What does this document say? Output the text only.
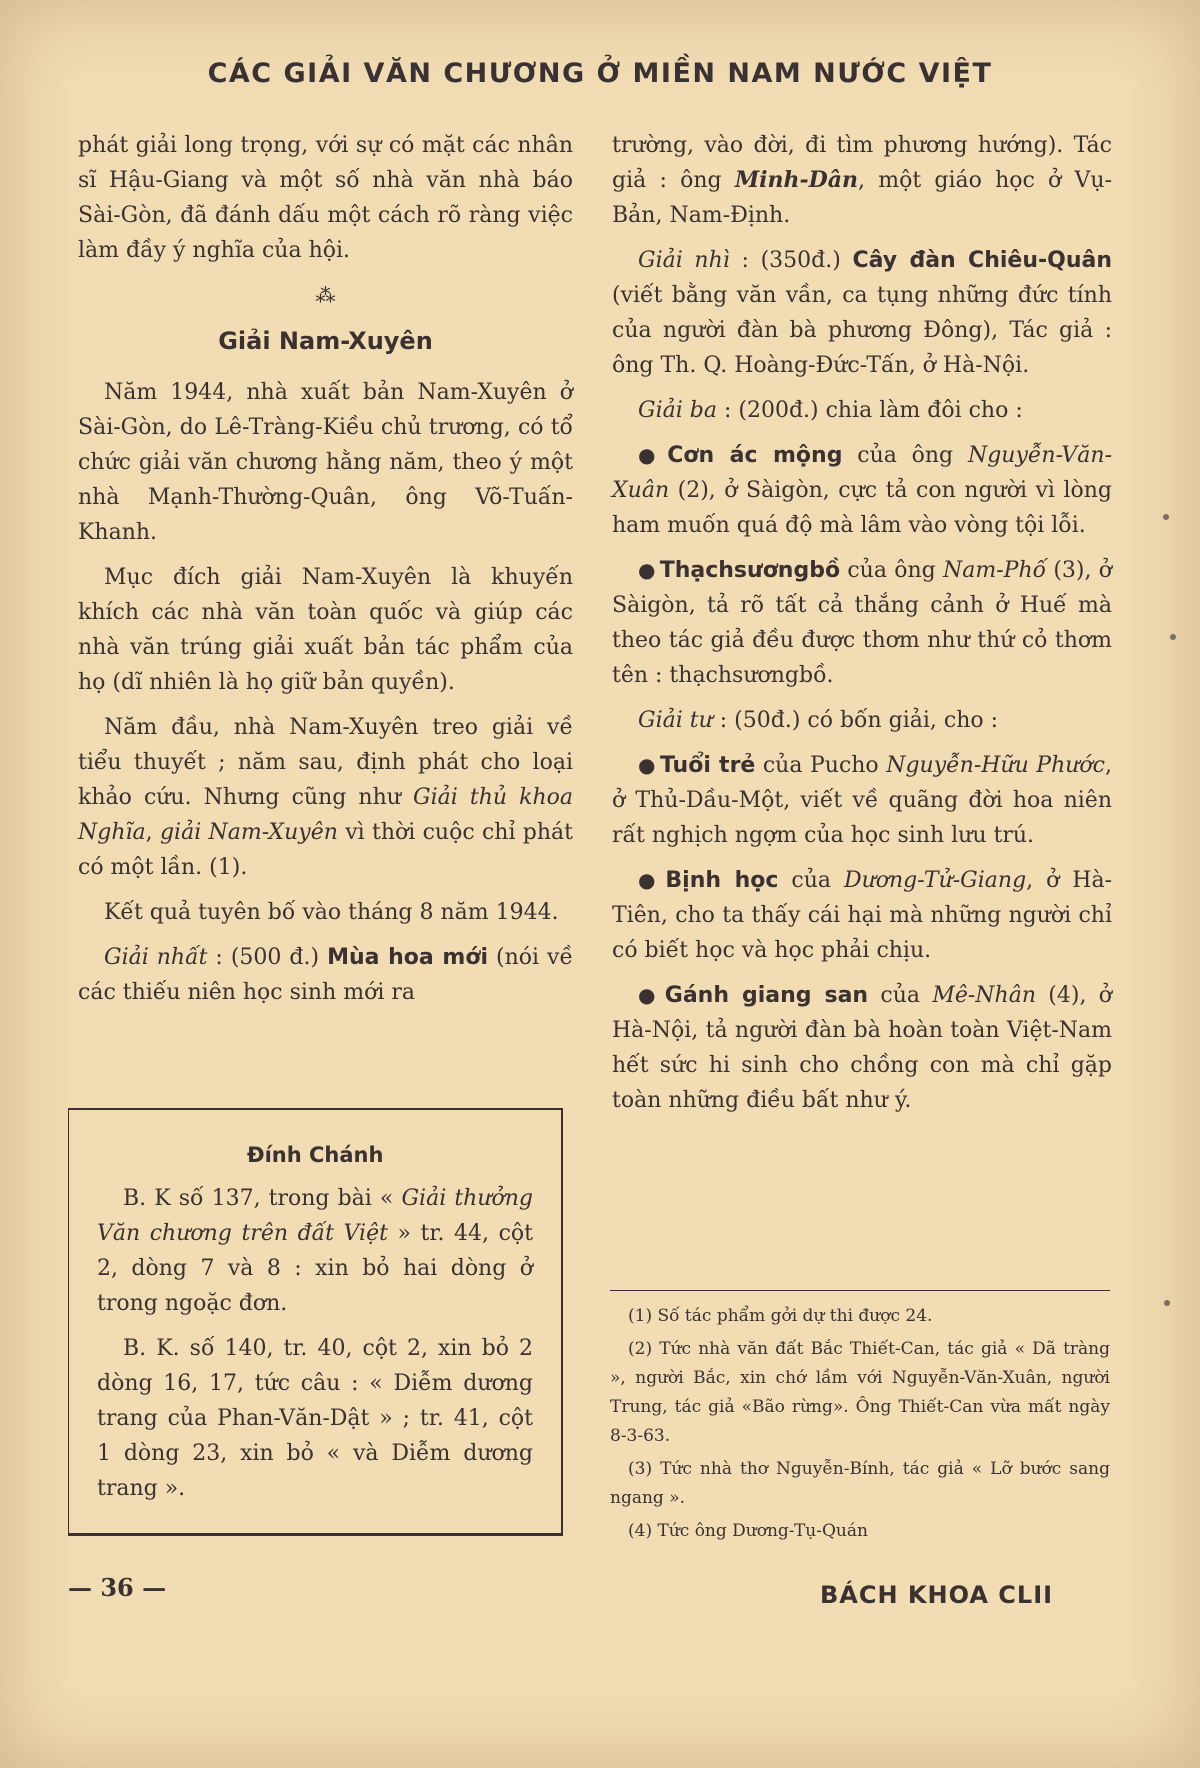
CÁC GIẢI VĂN CHƯƠNG Ở MIỀN NAM NƯỚC VIỆT

phát giải long trọng, với sự có mặt các nhân sĩ Hậu-Giang và một số nhà văn nhà báo Sài-Gòn, đã đánh dấu một cách rõ ràng việc làm đầy ý nghĩa của hội.

⁂
Giải Nam-Xuyên

Năm 1944, nhà xuất bản Nam-Xuyên ở Sài-Gòn, do Lê-Tràng-Kiều chủ trương, có tổ chức giải văn chương hằng năm, theo ý một nhà Mạnh-Thường-Quân, ông Võ-Tuấn-Khanh.

Mục đích giải Nam-Xuyên là khuyến khích các nhà văn toàn quốc và giúp các nhà văn trúng giải xuất bản tác phẩm của họ (dĩ nhiên là họ giữ bản quyền).

Năm đầu, nhà Nam-Xuyên treo giải về tiểu thuyết ; năm sau, định phát cho loại khảo cứu. Nhưng cũng như Giải thủ khoa Nghĩa, giải Nam-Xuyên vì thời cuộc chỉ phát có một lần. (1).

Kết quả tuyên bố vào tháng 8 năm 1944.

Giải nhất : (500 đ.) Mùa hoa mới (nói về các thiếu niên học sinh mới ra

Đính Chánh

B. K số 137, trong bài « Giải thưởng Văn chương trên đất Việt » tr. 44, cột 2, dòng 7 và 8 : xin bỏ hai dòng ở trong ngoặc đơn.

B. K. số 140, tr. 40, cột 2, xin bỏ 2 dòng 16, 17, tức câu : « Diễm dương trang của Phan-Văn-Dật » ; tr. 41, cột 1 dòng 23, xin bỏ « và Diễm dương trang ».

trường, vào đời, đi tìm phương hướng). Tác giả : ông Minh-Dân, một giáo học ở Vụ-Bản, Nam-Định.

Giải nhì : (350đ.) Cây đàn Chiêu-Quân (viết bằng văn vần, ca tụng những đức tính của người đàn bà phương Đông), Tác giả : ông Th. Q. Hoàng-Đức-Tấn, ở Hà-Nội.

Giải ba : (200đ.) chia làm đôi cho :

● Cơn ác mộng của ông Nguyễn-Văn-Xuân (2), ở Sàigòn, cực tả con người vì lòng ham muốn quá độ mà lâm vào vòng tội lỗi.

● Thạchsươngbồ của ông Nam-Phố (3), ở Sàigòn, tả rõ tất cả thắng cảnh ở Huế mà theo tác giả đều được thơm như thứ cỏ thơm tên : thạchsươngbồ.

Giải tư : (50đ.) có bốn giải, cho :

● Tuổi trẻ của Pucho Nguyễn-Hữu Phước, ở Thủ-Dầu-Một, viết về quãng đời hoa niên rất nghịch ngợm của học sinh lưu trú.

● Bịnh học của Dương-Tử-Giang, ở Hà-Tiên, cho ta thấy cái hại mà những người chỉ có biết học và học phải chịu.

● Gánh giang san của Mê-Nhân (4), ở Hà-Nội, tả người đàn bà hoàn toàn Việt-Nam hết sức hi sinh cho chồng con mà chỉ gặp toàn những điều bất như ý.

(1) Số tác phẩm gởi dự thi được 24.

(2) Tức nhà văn đất Bắc Thiết-Can, tác giả « Dã tràng », người Bắc, xin chớ lầm với Nguyễn-Văn-Xuân, người Trung, tác giả «Bão rừng». Ông Thiết-Can vừa mất ngày 8-3-63.

(3) Tức nhà thơ Nguyễn-Bính, tác giả « Lỡ bước sang ngang ».

(4) Tức ông Dương-Tụ-Quán

— 36 —	BÁCH KHOA CLII
